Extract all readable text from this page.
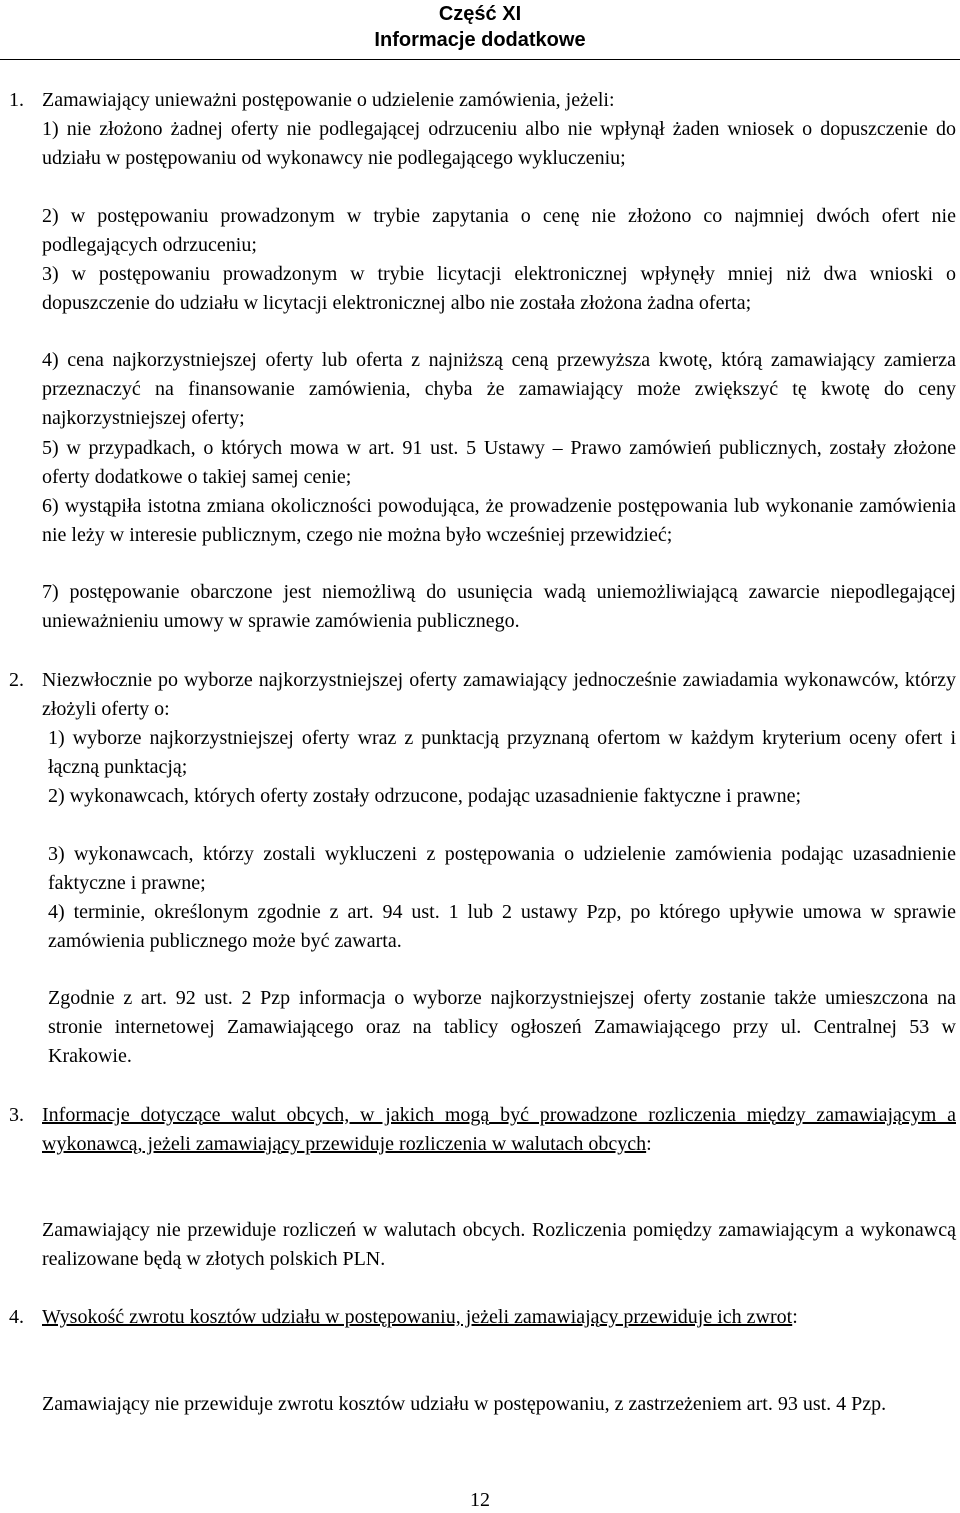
Część XI
Informacje dodatkowe
1. Zamawiający unieważni postępowanie o udzielenie zamówienia, jeżeli:
1) nie złożono żadnej oferty nie podlegającej odrzuceniu albo nie wpłynął żaden wniosek o dopuszczenie do udziału w postępowaniu od wykonawcy nie podlegającego wykluczeniu;
2) w postępowaniu prowadzonym w trybie zapytania o cenę nie złożono co najmniej dwóch ofert nie podlegających odrzuceniu;
3) w postępowaniu prowadzonym w trybie licytacji elektronicznej wpłynęły mniej niż dwa wnioski o dopuszczenie do udziału w licytacji elektronicznej albo nie została złożona żadna oferta;
4) cena najkorzystniejszej oferty lub oferta z najniższą ceną przewyższa kwotę, którą zamawiający zamierza przeznaczyć na finansowanie zamówienia, chyba że zamawiający może zwiększyć tę kwotę do ceny najkorzystniejszej oferty;
5) w przypadkach, o których mowa w art. 91 ust. 5 Ustawy – Prawo zamówień publicznych, zostały złożone oferty dodatkowe o takiej samej cenie;
6) wystąpiła istotna zmiana okoliczności powodująca, że prowadzenie postępowania lub wykonanie zamówienia nie leży w interesie publicznym, czego nie można było wcześniej przewidzieć;
7) postępowanie obarczone jest niemożliwą do usunięcia wadą uniemożliwiającą zawarcie niepodlegającej unieważnieniu umowy w sprawie zamówienia publicznego.
2. Niezwłocznie po wyborze najkorzystniejszej oferty zamawiający jednocześnie zawiadamia wykonawców, którzy złożyli oferty o:
1) wyborze najkorzystniejszej oferty wraz z punktacją przyznaną ofertom w każdym kryterium oceny ofert i łączną punktacją;
2) wykonawcach, których oferty zostały odrzucone, podając uzasadnienie faktyczne i prawne;
3) wykonawcach, którzy zostali wykluczeni z postępowania o udzielenie zamówienia podając uzasadnienie faktyczne i prawne;
4) terminie, określonym zgodnie z art. 94 ust. 1 lub 2 ustawy Pzp, po którego upływie umowa w sprawie zamówienia publicznego może być zawarta.
Zgodnie z art. 92 ust. 2 Pzp informacja o wyborze najkorzystniejszej oferty zostanie także umieszczona na stronie internetowej Zamawiającego oraz na tablicy ogłoszeń Zamawiającego przy ul. Centralnej 53 w Krakowie.
3. Informacje dotyczące walut obcych, w jakich mogą być prowadzone rozliczenia między zamawiającym a wykonawcą, jeżeli zamawiający przewiduje rozliczenia w walutach obcych:
Zamawiający nie przewiduje rozliczeń w walutach obcych. Rozliczenia pomiędzy zamawiającym a wykonawcą realizowane będą w złotych polskich PLN.
4. Wysokość zwrotu kosztów udziału w postępowaniu, jeżeli zamawiający przewiduje ich zwrot:
Zamawiający nie przewiduje zwrotu kosztów udziału w postępowaniu, z zastrzeżeniem art. 93 ust. 4 Pzp.
12
